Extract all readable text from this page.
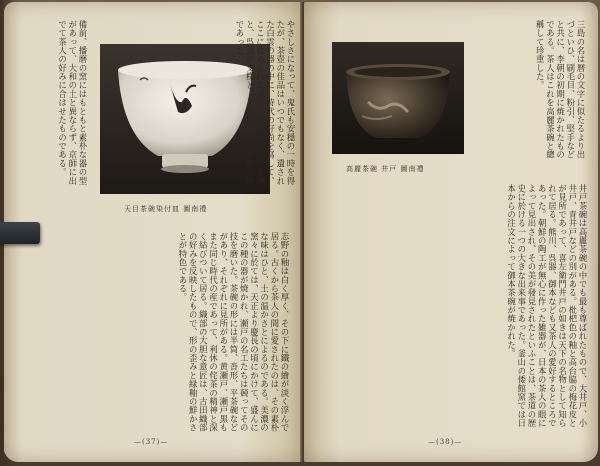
備前、播磨の窯にはもともと素朴な器の型があって、大和の土と異ならず、京師に出でて茶人の好みに合はせたものである。
天目茶碗染付皿 圖南禮
志野の釉は白く厚く、その下に鐵の繪が淡く浮んで居る。古くから茶人の間に愛されたのは、その素朴な味はひと、土の温かさとによるのである。美濃の窯々に於ては、天正より慶長の頃にかけて、盛んにこの種の器が焼かれ、瀬戸の名工たちは競ってその技を磨いた。茶碗の形には半筒、沓形、平茶碗などがあり、それぞれに見所がある。黄瀬戸、瀬戸黒もまた同じ時代の産であって、利休の侘茶の精神と深く結びついて居る。織部の大胆な意匠は、古田織部の好みを反映したもので、形の歪みと緑釉の鮮かさとが特色である。
—(37)—
やさしさになって、鬼氏も安穩の一時を得たが、茶壺の佳品はいつでもなく、遺された白雲の器の中に、時代の好尚を寫して、ここに收められた天目の姿を思ふ。白茶碗と、呉須の文様と、これは一つの愛翫の物であった。	三島の名は暦の文字に似たるより出づといひ、刷毛目、粉引、堅手などと共に、李朝の初期に焼かれたものである。茶人はこれを高麗茶碗と總稱して珍重した。
高麗茶碗 井戸 圖南禮
井戸茶碗は高麗茶碗の中でも最も尊ばれたもので、大井戸、小井戸、青井戸などの別がある。枇杷色の釉と高台脇の梅花皮とが見所であって、喜左衛門井戸の如きは天下の名物として知られて居る。熊川、呉器、御本なども又茶人の愛好するところであった。朝鮮の陶工が無心に作った雑器が、日本の茶人の眼によって見出され、その美が發見されたといふことは、茶道の歴史に於ける一つの大きな出来事であった。釜山の倭館窯では日本からの注文によって御本茶碗が焼かれた。
—(38)—
